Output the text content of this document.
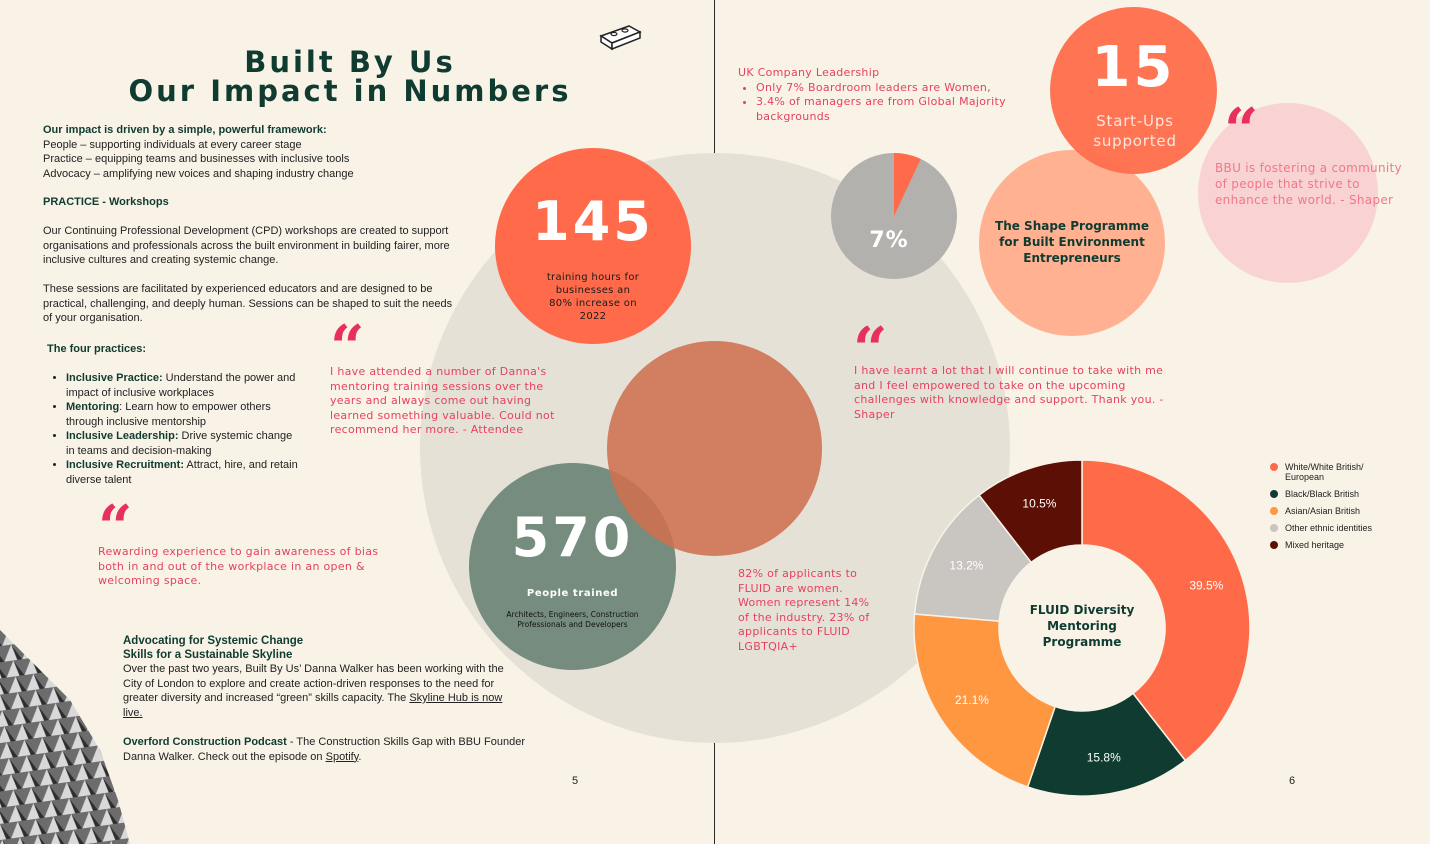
Built By Us
Our Impact in Numbers
Our impact is driven by a simple, powerful framework:
People – supporting individuals at every career stage
Practice – equipping teams and businesses with inclusive tools
Advocacy – amplifying new voices and shaping industry change
PRACTICE - Workshops
Our Continuing Professional Development (CPD) workshops are created to support organisations and professionals across the built environment in building fairer, more inclusive cultures and creating systemic change.
These sessions are facilitated by experienced educators and are designed to be practical, challenging, and deeply human. Sessions can be shaped to suit the needs of your organisation.
The four practices:
• Inclusive Practice: Understand the power and impact of inclusive workplaces
• Mentoring: Learn how to empower others through inclusive mentorship
• Inclusive Leadership: Drive systemic change in teams and decision-making
• Inclusive Recruitment: Attract, hire, and retain diverse talent
“
I have attended a number of Danna's mentoring training sessions over the years and always come out having learned something valuable. Could not recommend her more. - Attendee
“
Rewarding experience to gain awareness of bias both in and out of the workplace in an open & welcoming space.
145
training hours for businesses an 80% increase on 2022
570
People trained
Architects, Engineers, Construction Professionals and Developers
Advocating for Systemic Change
Skills for a Sustainable Skyline
Over the past two years, Built By Us’ Danna Walker has been working with the City of London to explore and create action-driven responses to the need for greater diversity and increased “green” skills capacity. The Skyline Hub is now live.
Overford Construction Podcast - The Construction Skills Gap with BBU Founder Danna Walker. Check out the episode on Spotify.
5
UK Company Leadership
• Only 7% Boardroom leaders are Women,
• 3.4% of managers are from Global Majority backgrounds
7%
“
BBU is fostering a community of people that strive to enhance the world. - Shaper
15
Start-Ups supported
The Shape Programme for Built Environment Entrepreneurs
“
I have learnt a lot that I will continue to take with me and I feel empowered to take on the upcoming challenges with knowledge and support. Thank you. - Shaper
82% of applicants to FLUID are women. Women represent 14% of the industry. 23% of applicants to FLUID LGBTQIA+
39.5%
15.8%
21.1%
13.2%
10.5%
FLUID Diversity Mentoring Programme
White/White British/ European
Black/Black British
Asian/Asian British
Other ethnic identities
Mixed heritage
6
